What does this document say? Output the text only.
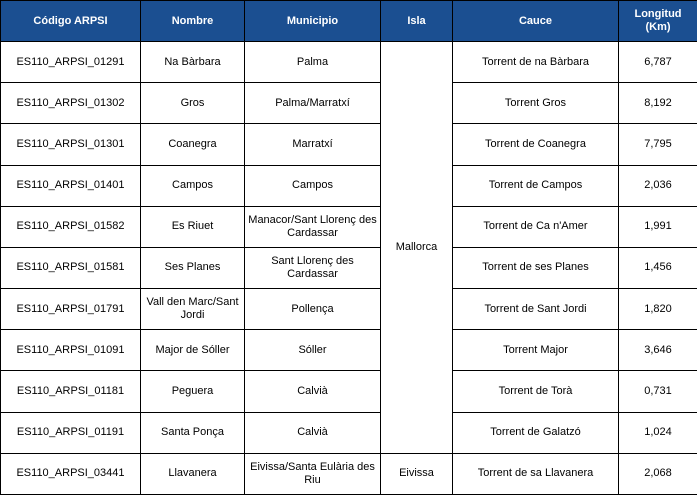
Código ARPSI	Nombre	Municipio	Isla	Cauce	Longitud
(Km)
ES110_ARPSI_01291	Na Bàrbara	Palma	Mallorca	Torrent de na Bàrbara	6,787
ES110_ARPSI_01302	Gros	Palma/Marratxí		Torrent Gros	8,192
ES110_ARPSI_01301	Coanegra	Marratxí		Torrent de Coanegra	7,795
ES110_ARPSI_01401	Campos	Campos		Torrent de Campos	2,036
ES110_ARPSI_01582	Es Riuet	Manacor/Sant Llorenç des Cardassar		Torrent de Ca n'Amer	1,991
ES110_ARPSI_01581	Ses Planes	Sant Llorenç des Cardassar		Torrent de ses Planes	1,456
ES110_ARPSI_01791	Vall den Marc/Sant Jordi	Pollença		Torrent de Sant Jordi	1,820
ES110_ARPSI_01091	Major de Sóller	Sóller		Torrent Major	3,646
ES110_ARPSI_01181	Peguera	Calvià		Torrent de Torà	0,731
ES110_ARPSI_01191	Santa Ponça	Calvià		Torrent de Galatzó	1,024
ES110_ARPSI_03441	Llavanera	Eivissa/Santa Eulària des Riu	Eivissa	Torrent de sa Llavanera	2,068
